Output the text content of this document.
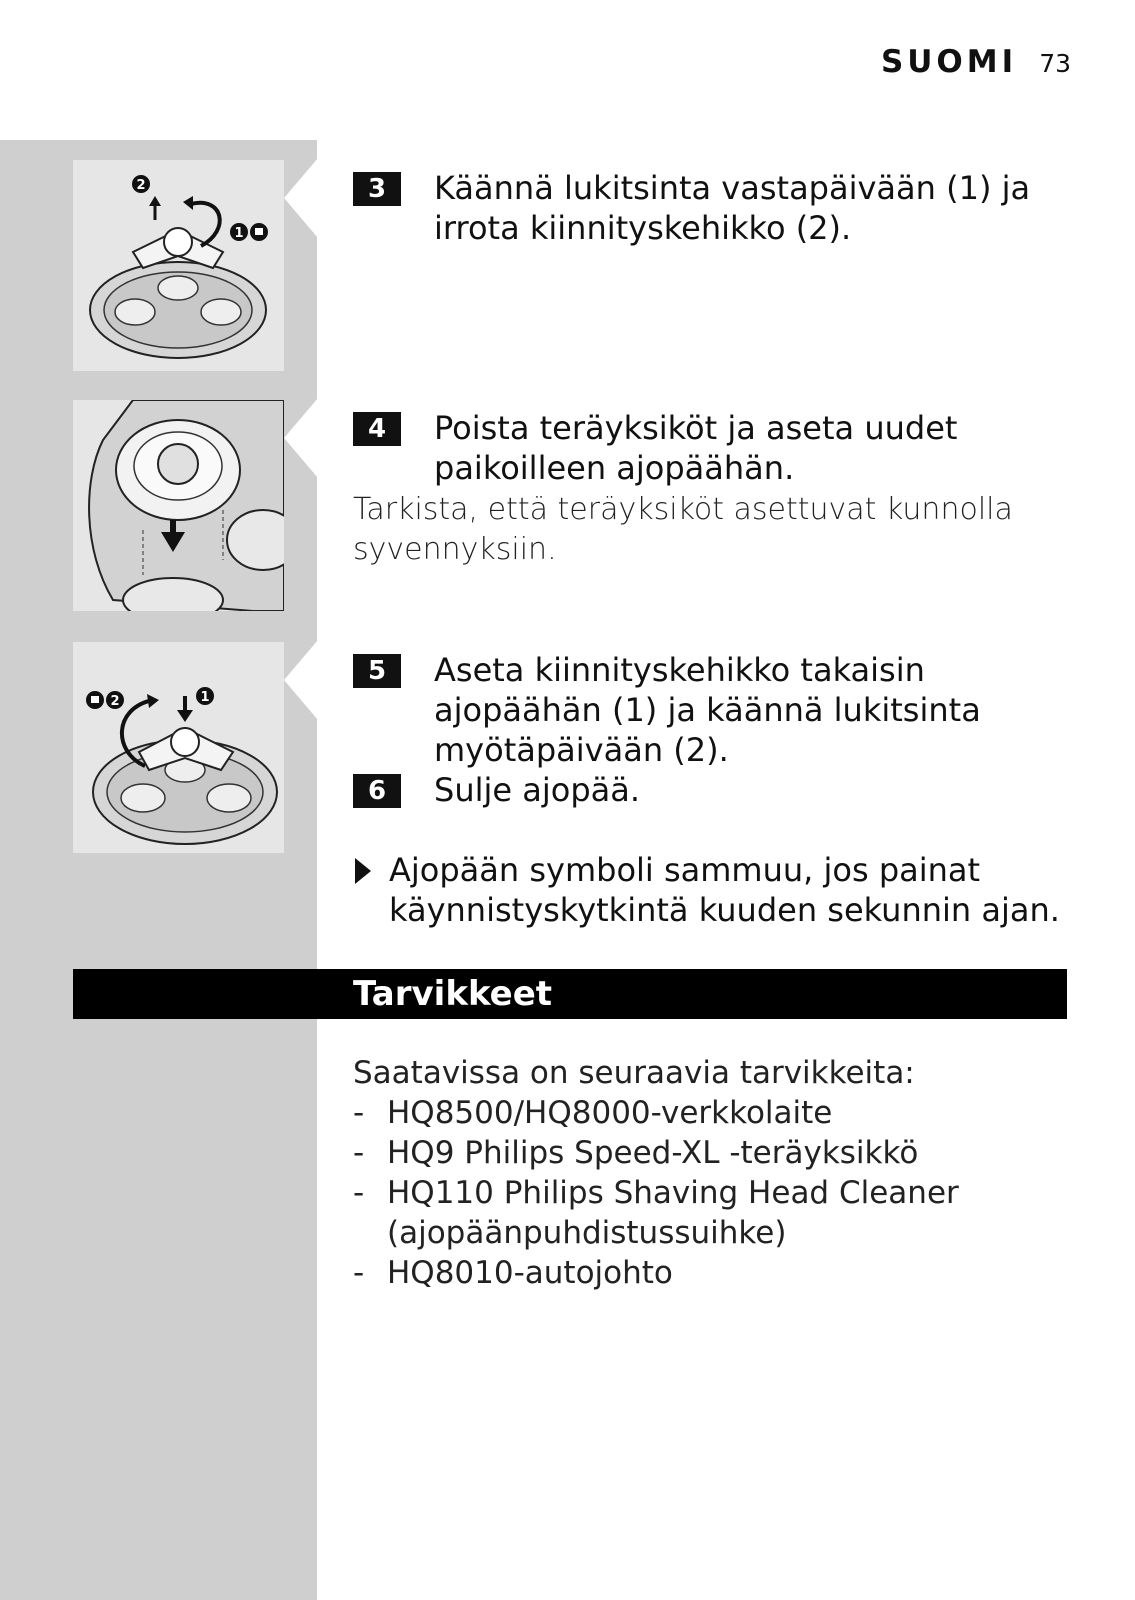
SUOMI 73
2
1
2	1
3	Käännä lukitsinta vastapäivään (1) ja irrota kiinnityskehikko (2).
4	Poista teräyksiköt ja aseta uudet paikoilleen ajopäähän.
Tarkista, että teräyksiköt asettuvat kunnolla syvennyksiin.
5	Aseta kiinnityskehikko takaisin ajopäähän (1) ja käännä lukitsinta myötäpäivään (2).
6	Sulje ajopää.
Ajopään symboli sammuu, jos painat käynnistyskytkintä kuuden sekunnin ajan.
Tarvikkeet
Saatavissa on seuraavia tarvikkeita:
- HQ8500/HQ8000-verkkolaite
- HQ9 Philips Speed-XL -teräyksikkö
- HQ110 Philips Shaving Head Cleaner (ajopäänpuhdistussuihke)
- HQ8010-autojohto
